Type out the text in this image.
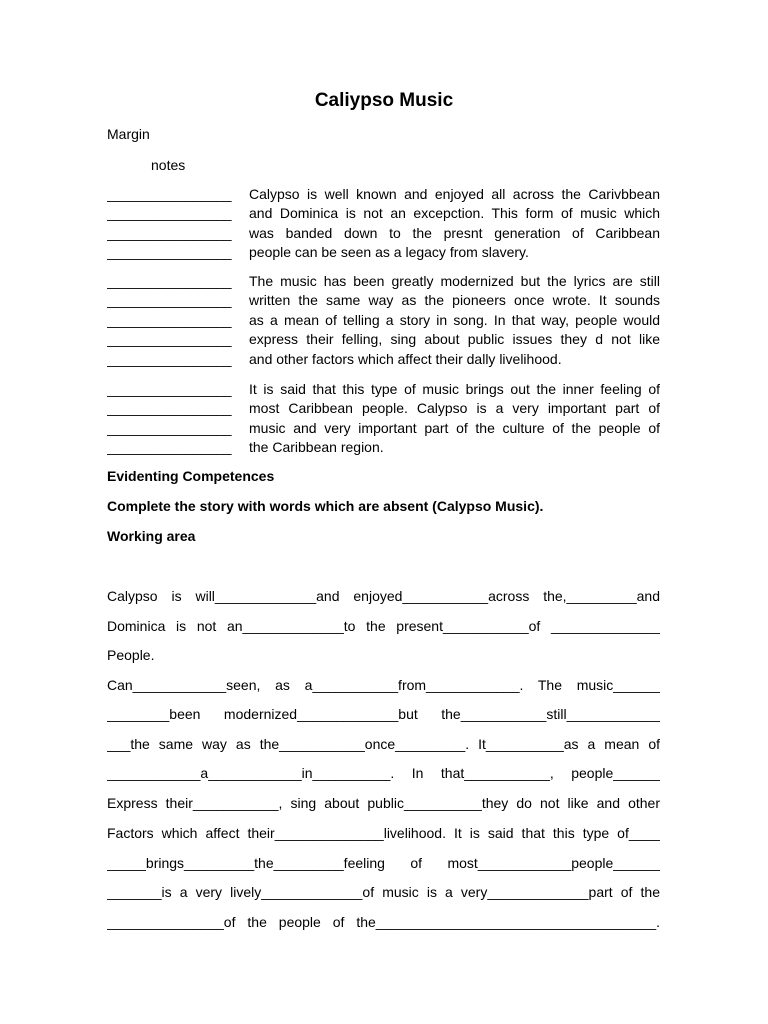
Caliypso Music
Margin
notes
________________	Calypso is well known and enjoyed all across the Carivbbean
________________	and Dominica is not an excepction. This form of music which
________________	was banded down to the presnt generation of Caribbean
________________	people can be seen as a legacy from slavery.
________________	The music has been greatly modernized but the lyrics are still
________________	written the same way as the pioneers once wrote. It sounds
________________	as a mean of telling a story in song. In that way, people would
________________	express their felling, sing about public issues they d not like
________________	and other factors which affect their dally livelihood.
________________	It is said that this type of music brings out the inner feeling of
________________	most Caribbean people. Calypso is a very important part of
________________	music and very important part of the culture of the people of
________________	the Caribbean region.
Evidenting Competences
Complete the story with words which are absent (Calypso Music).
Working area
Calypso is will_____________and enjoyed___________across the,_________and
Dominica is not an_____________to the present___________of ______________
People.
Can____________seen, as a___________from____________. The music______
________been modernized_____________but the___________still____________
___the same way as the___________once_________. It__________as a mean of
____________a____________in__________. In that___________, people______
Express their___________, sing about public__________they do not like and other
Factors which affect their______________livelihood. It is said that this type of____
_____brings_________the_________feeling of most____________people______
_______is a very lively_____________of music is a very_____________part of the
_______________of the people of the____________________________________.
